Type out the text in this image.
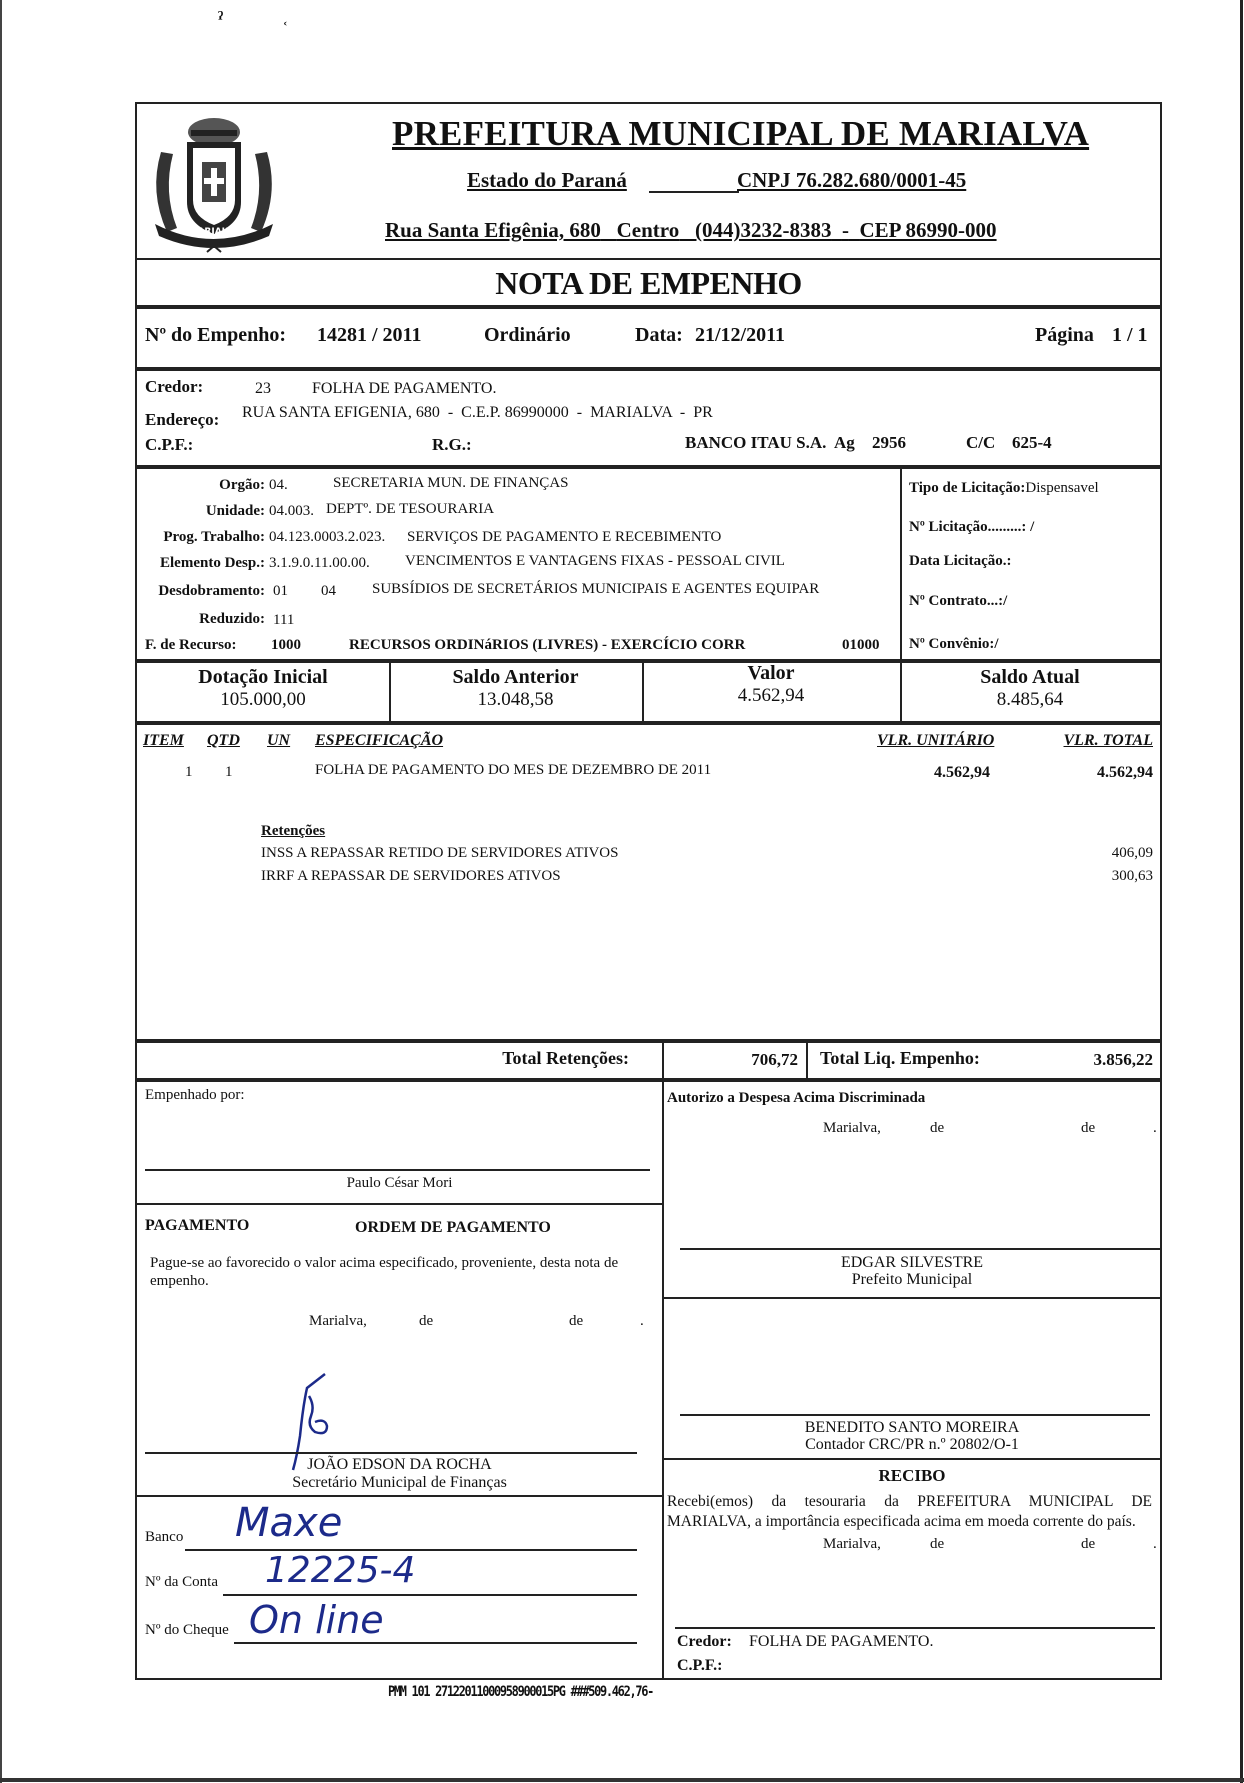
ˀ	˱
MARIALVA
PREFEITURA MUNICIPAL DE MARIALVA
Estado do Paraná	CNPJ 76.282.680/0001-45
Rua Santa Efigênia, 680 Centro (044)3232-8383 - CEP 86990-000
NOTA DE EMPENHO
Nº do Empenho: 14281 / 2011	Ordinário	Data: 21/12/2011	Página 1 / 1
Credor:	23	FOLHA DE PAGAMENTO.
Endereço: RUA SANTA EFIGENIA, 680  -  C.E.P. 86990000  -  MARIALVA  -  PR
C.P.F.:	R.G.:	BANCO ITAU S.A. Ag 2956	C/C 625-4
Orgão: 04.	SECRETARIA MUN. DE FINANÇAS
Unidade: 04.003. DEPTº. DE TESOURARIA
Prog. Trabalho: 04.123.0003.2.023. SERVIÇOS DE PAGAMENTO E RECEBIMENTO
Elemento Desp.: 3.1.9.0.11.00.00. VENCIMENTOS E VANTAGENS FIXAS - PESSOAL CIVIL
Desdobramento: 01 04 SUBSÍDIOS DE SECRETÁRIOS MUNICIPAIS E AGENTES EQUIPAR
Reduzido: 111
F. de Recurso: 1000	RECURSOS ORDINáRIOS (LIVRES) - EXERCÍCIO CORR	01000
Tipo de Licitação:Dispensavel
Nº Licitação.........: /
Data Licitação.:
Nº Contrato...:/
Nº Convênio:/
Dotação Inicial
105.000,00
Saldo Anterior
13.048,58
Valor
4.562,94
Saldo Atual
8.485,64
ITEM QTD UN ESPECIFICAÇÃO	VLR. UNITÁRIO	VLR. TOTAL
1 1	FOLHA DE PAGAMENTO DO MES DE DEZEMBRO DE 2011	4.562,94	4.562,94
Retenções
INSS A REPASSAR RETIDO DE SERVIDORES ATIVOS	406,09
IRRF A REPASSAR DE SERVIDORES ATIVOS	300,63
Total Retenções:	706,72 Total Liq. Empenho:	3.856,22
Empenhado por:
Paulo César Mori
PAGAMENTO	ORDEM DE PAGAMENTO
Pague-se ao favorecido o valor acima especificado, proveniente, desta nota de empenho.
Marialva,	de	de	.
JOÃO EDSON DA ROCHA
Secretário Municipal de Finanças
Banco Maxe
Nº da Conta 12225-4
Nº do Cheque On line
Autorizo a Despesa Acima Discriminada
Marialva,	de	de	.
EDGAR SILVESTRE
Prefeito Municipal
BENEDITO SANTO MOREIRA
Contador CRC/PR n.º 20802/O-1
RECIBO
Recebi(emos) da tesouraria da PREFEITURA MUNICIPAL DE MARIALVA, a importância especificada acima em moeda corrente do país.
Marialva,	de	de	.
Credor: FOLHA DE PAGAMENTO.
C.P.F.:
PMM 101 27122011000958900015PG ###509.462,76-
